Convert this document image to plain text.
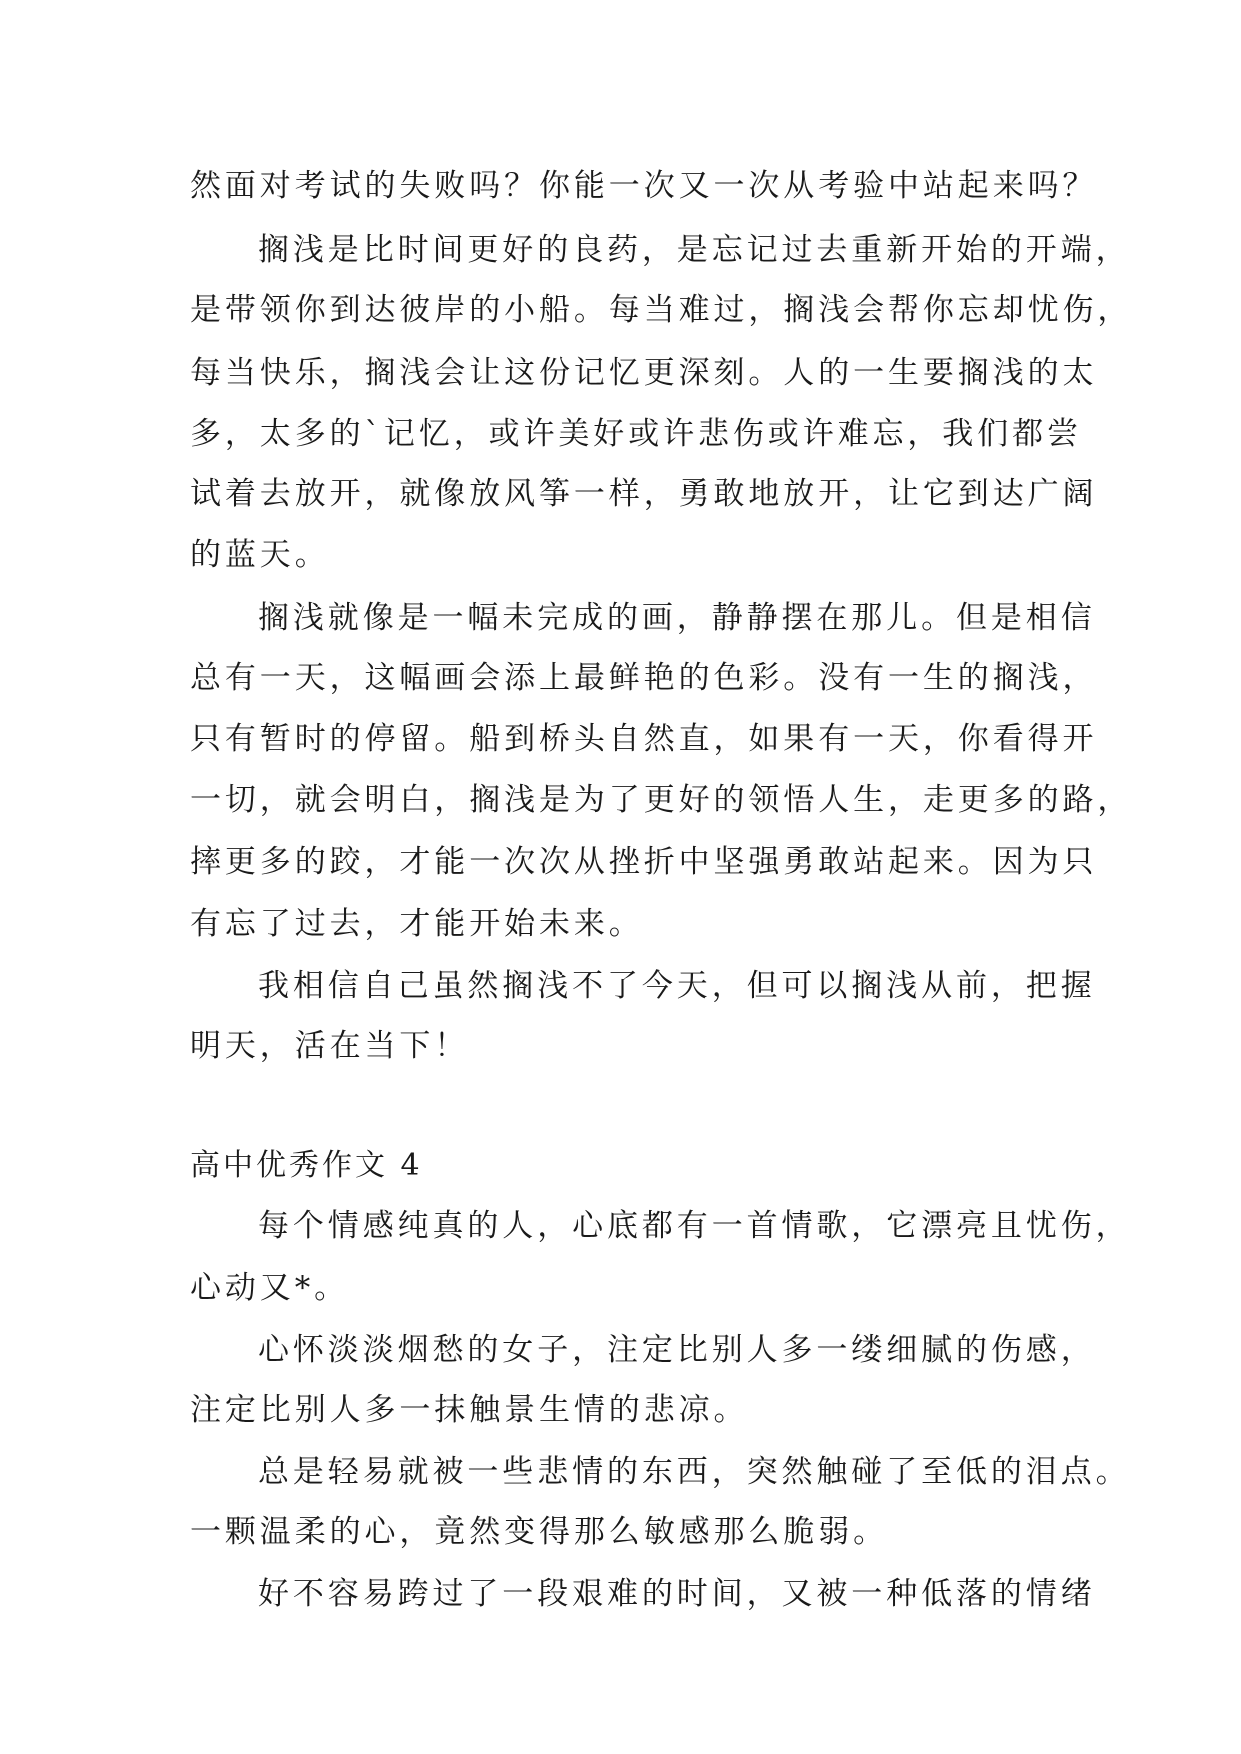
然面对考试的失败吗？你能一次又一次从考验中站起来吗？
搁浅是比时间更好的良药，是忘记过去重新开始的开端，
是带领你到达彼岸的小船。每当难过，搁浅会帮你忘却忧伤，
每当快乐，搁浅会让这份记忆更深刻。人的一生要搁浅的太
多，太多的`记忆，或许美好或许悲伤或许难忘，我们都尝
试着去放开，就像放风筝一样，勇敢地放开，让它到达广阔
的蓝天。
搁浅就像是一幅未完成的画，静静摆在那儿。但是相信
总有一天，这幅画会添上最鲜艳的色彩。没有一生的搁浅，
只有暂时的停留。船到桥头自然直，如果有一天，你看得开
一切，就会明白，搁浅是为了更好的领悟人生，走更多的路，
摔更多的跤，才能一次次从挫折中坚强勇敢站起来。因为只
有忘了过去，才能开始未来。
我相信自己虽然搁浅不了今天，但可以搁浅从前，把握
明天，活在当下！
高中优秀作文 4
每个情感纯真的人，心底都有一首情歌，它漂亮且忧伤，
心动又*。
心怀淡淡烟愁的女子，注定比别人多一缕细腻的伤感，
注定比别人多一抹触景生情的悲凉。
总是轻易就被一些悲情的东西，突然触碰了至低的泪点。
一颗温柔的心，竟然变得那么敏感那么脆弱。
好不容易跨过了一段艰难的时间，又被一种低落的情绪
